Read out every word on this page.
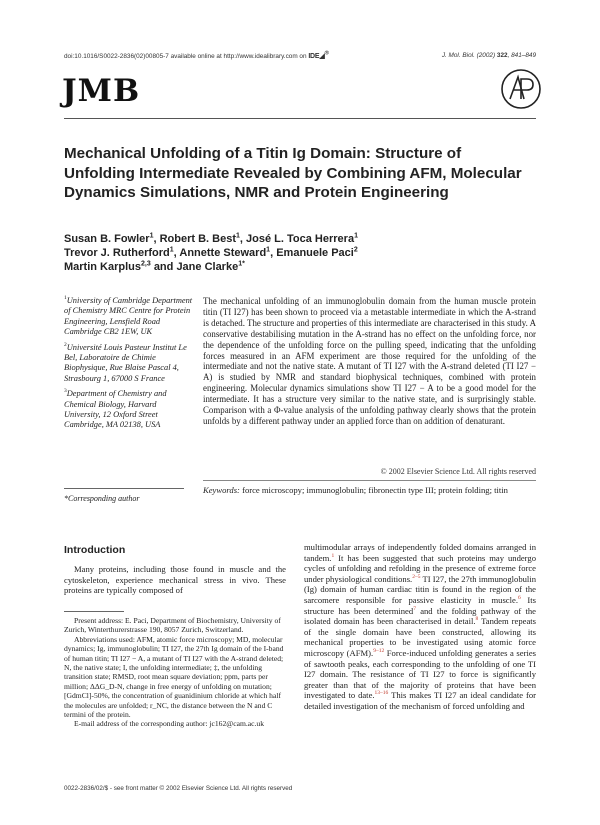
doi:10.1016/S0022-2836(02)00805-7 available online at http://www.idealibrary.com on IDE◢®	J. Mol. Biol. (2002) 322, 841–849
JMB
Mechanical Unfolding of a Titin Ig Domain: Structure of Unfolding Intermediate Revealed by Combining AFM, Molecular Dynamics Simulations, NMR and Protein Engineering
Susan B. Fowler$^1$, Robert B. Best$^1$, José L. Toca Herrera$^1$
Trevor J. Rutherford$^1$, Annette Steward$^1$, Emanuele Paci$^2$
Martin Karplus$^{2,3}$ and Jane Clarke$^{1*}$
$^1$University of Cambridge Department of Chemistry MRC Centre for Protein Engineering, Lensfield Road Cambridge CB2 1EW, UK
$^2$Université Louis Pasteur Institut Le Bel, Laboratoire de Chimie Biophysique, Rue Blaise Pascal 4, Strasbourg 1, 67000 S France
$^3$Department of Chemistry and Chemical Biology, Harvard University, 12 Oxford Street Cambridge, MA 02138, USA
*Corresponding author
The mechanical unfolding of an immunoglobulin domain from the human muscle protein titin (TI I27) has been shown to proceed via a metastable intermediate in which the A-strand is detached. The structure and properties of this intermediate are characterised in this study. A conservative destabilising mutation in the A-strand has no effect on the unfolding force, nor the dependence of the unfolding force on the pulling speed, indicating that the unfolding forces measured in an AFM experiment are those required for the unfolding of the intermediate and not the native state. A mutant of TI I27 with the A-strand deleted (TI I27 − A) is studied by NMR and standard biophysical techniques, combined with protein engineering. Molecular dynamics simulations show TI I27 − A to be a good model for the intermediate. It has a structure very similar to the native state, and is surprisingly stable. Comparison with a Φ-value analysis of the unfolding pathway clearly shows that the protein unfolds by a different pathway under an applied force than on addition of denaturant.
© 2002 Elsevier Science Ltd. All rights reserved
Keywords: force microscopy; immunoglobulin; fibronectin type III; protein folding; titin
Introduction

Many proteins, including those found in muscle and the cytoskeleton, experience mechanical stress in vivo. These proteins are typically composed of

Present address: E. Paci, Department of Biochemistry, University of Zurich, Winterthurerstrasse 190, 8057 Zurich, Switzerland.

Abbreviations used: AFM, atomic force microscopy; MD, molecular dynamics; Ig, immunoglobulin; TI I27, the 27th Ig domain of the I-band of human titin; TI I27 − A, a mutant of TI I27 with the A-strand deleted; N, the native state; I, the unfolding intermediate; ‡, the unfolding transition state; RMSD, root mean square deviation; ppm, parts per million; ΔΔG_D-N, change in free energy of unfolding on mutation; [GdmCl]-50%, the concentration of guanidinium chloride at which half the molecules are unfolded; r_NC, the distance between the N and C termini of the protein.

E-mail address of the corresponding author: jc162@cam.ac.uk

multimodular arrays of independently folded domains arranged in tandem.$^1$ It has been suggested that such proteins may undergo cycles of unfolding and refolding in the presence of extreme force under physiological conditions.$^{2-5}$ TI I27, the 27th immunoglobulin (Ig) domain of human cardiac titin is found in the region of the sarcomere responsible for passive elasticity in muscle.$^6$ Its structure has been determined$^7$ and the folding pathway of the isolated domain has been characterised in detail.$^8$ Tandem repeats of the single domain have been constructed, allowing its mechanical properties to be investigated using atomic force microscopy (AFM).$^{9-12}$ Force-induced unfolding generates a series of sawtooth peaks, each corresponding to the unfolding of one TI I27 domain. The resistance of TI I27 to force is significantly greater than that of the majority of proteins that have been investigated to date.$^{13-16}$ This makes TI I27 an ideal candidate for detailed investigation of the mechanism of forced unfolding and
0022-2836/02/$ - see front matter © 2002 Elsevier Science Ltd. All rights reserved
